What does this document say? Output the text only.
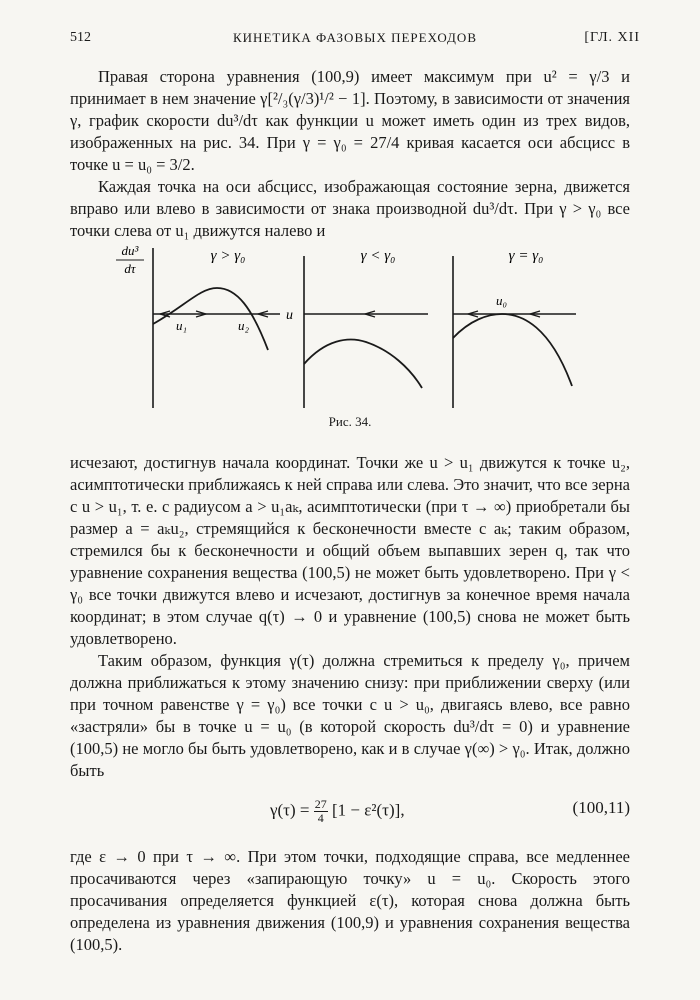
512	КИНЕТИКА ФАЗОВЫХ ПЕРЕХОДОВ	[ГЛ. XII

Правая сторона уравнения (100,9) имеет максимум при u² = γ/3 и принимает в нем значение γ[²/₃(γ/3)¹/² − 1]. Поэтому, в зависимости от значения γ, график скорости du³/dτ как функции u может иметь один из трех видов, изображенных на рис. 34. При γ = γ₀ = 27/4 кривая касается оси абсцисс в точке u = u₀ = 3/2.

Каждая точка на оси абсцисс, изображающая состояние зерна, движется вправо или влево в зависимости от знака производной du³/dτ. При γ > γ₀ все точки слева от u₁ движутся налево и

du³
dτ
γ > γ₀
u
u₁	u₂
γ < γ₀	γ = γ₀
u₀
Рис. 34.

исчезают, достигнув начала координат. Точки же u > u₁ движутся к точке u₂, асимптотически приближаясь к ней справа или слева. Это значит, что все зерна с u > u₁, т. е. с радиусом a > u₁aₖ, асимптотически (при τ → ∞) приобретали бы размер a = aₖu₂, стремящийся к бесконечности вместе с aₖ; таким образом, стремился бы к бесконечности и общий объем выпавших зерен q, так что уравнение сохранения вещества (100,5) не может быть удовлетворено. При γ < γ₀ все точки движутся влево и исчезают, достигнув за конечное время начала координат; в этом случае q(τ) → 0 и уравнение (100,5) снова не может быть удовлетворено.

Таким образом, функция γ(τ) должна стремиться к пределу γ₀, причем должна приближаться к этому значению снизу: при приближении сверху (или при точном равенстве γ = γ₀) все точки с u > u₀, двигаясь влево, все равно «застряли» бы в точке u = u₀ (в которой скорость du³/dτ = 0) и уравнение (100,5) не могло бы быть удовлетворено, как и в случае γ(∞) > γ₀. Итак, должно быть

$\gamma(\tau) = \frac{27}{4} [1 - \varepsilon^2(\tau)]$,	(100,11)

где ε → 0 при τ → ∞. При этом точки, подходящие справа, все медленнее просачиваются через «запирающую точку» u = u₀. Скорость этого просачивания определяется функцией ε(τ), которая снова должна быть определена из уравнения движения (100,9) и уравнения сохранения вещества (100,5).
